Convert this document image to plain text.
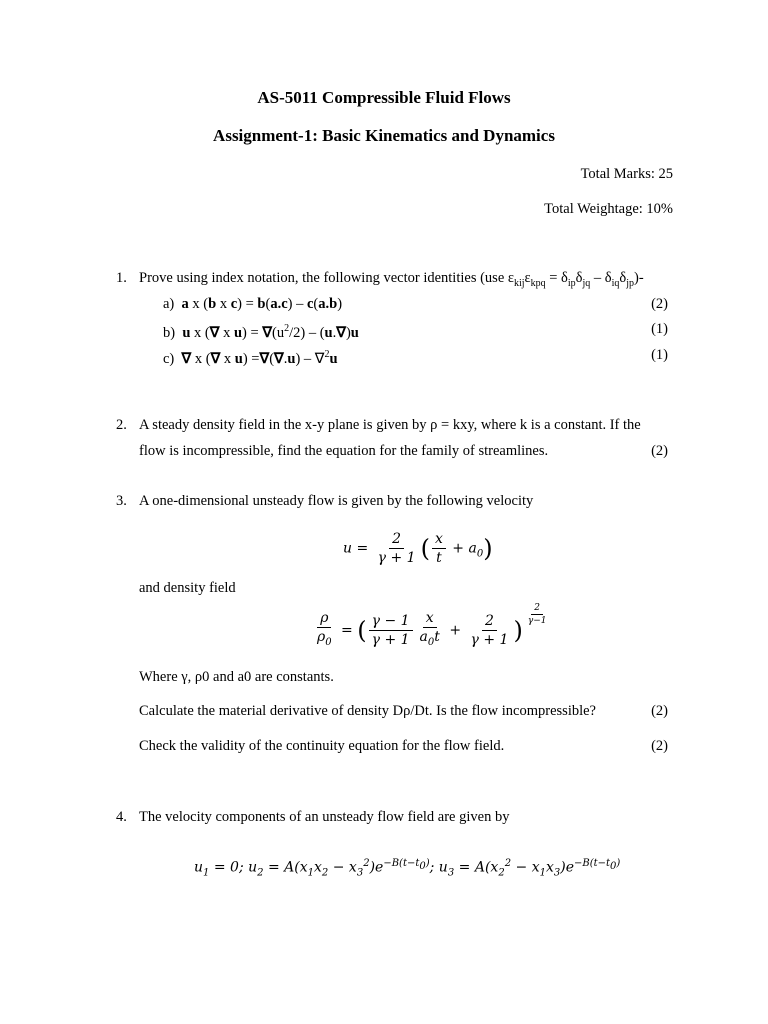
AS-5011 Compressible Fluid Flows
Assignment-1: Basic Kinematics and Dynamics
Total Marks: 25
Total Weightage: 10%
1. Prove using index notation, the following vector identities (use $\varepsilon_{kij}\varepsilon_{kpq} = \delta_{ip}\delta_{jq} - \delta_{iq}\delta_{jp})-$
a) a x (b x c) = b(a.c) – c(a.b)	(2)
b) u x (∇ x $u) = \nabla(u^2/2) - (u.\nabla)u$	(1)
c) ∇ x (∇ x u) =∇(∇.u) – ∇$^2$u	(1)
2. A steady density field in the x-y plane is given by ρ = kxy, where k is a constant. If the
flow is incompressible, find the equation for the family of streamlines.	(2)
3. A one-dimensional unsteady flow is given by the following velocity
$u = \frac{2}{\gamma + 1}$ ( $\frac{x}{t} + a_0$)
and density field
$\frac{\rho}{\rho_0}$ = ( $\frac{\gamma - 1}{\gamma + 1} \frac{x}{a_0t} + \frac{2}{\gamma + 1}$ )
$^{\frac{2}{\gamma-1}}$
Where γ, ρ0 and a0 are constants.
Calculate the material derivative of density Dρ/Dt. Is the flow incompressible?	(2)
Check the validity of the continuity equation for the flow field.	(2)
4. The velocity components of an unsteady flow field are given by
$u_1 = 0$; $u_2 = A(x_1x_2 - x_3^2)e^{-B(t-t_0)}$; $u_3 = A(x_2^2 - x_1x_3)e^{-B(t-t_0)}$
